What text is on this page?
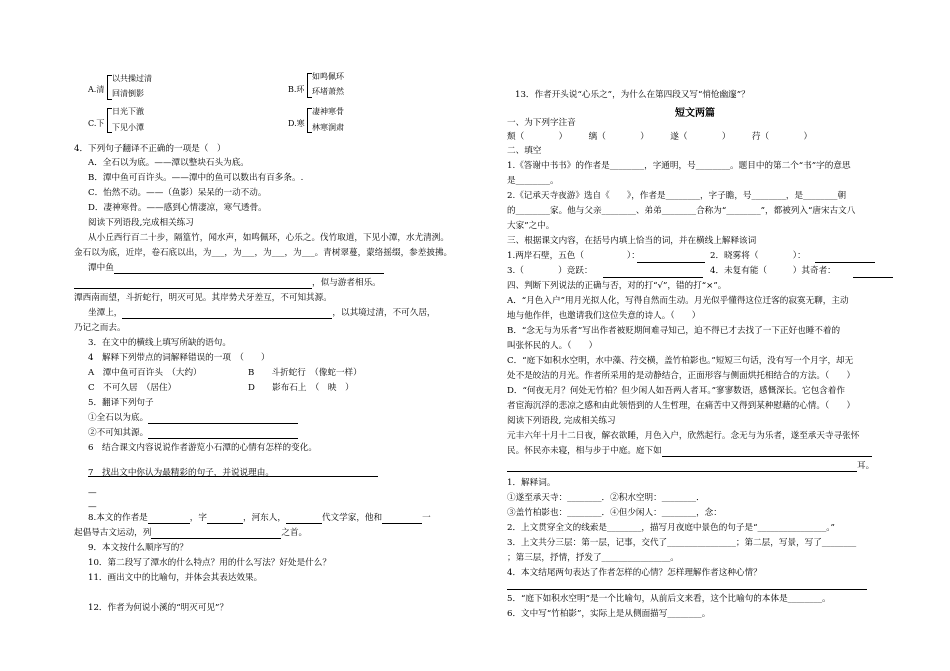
A.清
以共操过清
回清倒影	B.环
如鸣佩环
环堵萧然
C.下
日光下澈
下见小潭	D.寒
凄神寒骨
林寒涧肃
4．下列句子翻译不正确的一项是（　）
A．全石以为底。——潭以整块石头为底。
B．潭中鱼可百许头。——潭中的鱼可以数出有百多条。.
C．怡然不动。——（鱼影）呆呆的一动不动。
D．凄神寒骨。——感到心情凄凉，寒气透骨。
阅读下列语段,完成相关练习
从小丘西行百二十步，隔篁竹，闻水声，如鸣佩环，心乐之。伐竹取道，下见小潭，水尤清洌。
金石以为底，近岸，卷石底以出，为___，为___，为___，为___。青树翠蔓，蒙络摇缀，参差披拂。
潭中鱼
，似与游者相乐。
潭西南而望，斗折蛇行，明灭可见。其岸势犬牙差互，不可知其源。
坐潭上，	，以其境过清，不可久居，
乃记之而去。
3．在文中的横线上填写所缺的语句。
4　解释下列带点的词解释错误的一项　（　　）
A　潭中鱼可百许头　（大约）	B　　斗折蛇行　（像蛇一样）
C　不可久居　（居住）	D　　影布石上　（　映　）
5．翻译下列句子
①全石以为底。
②不可知其源。
6　结合课文内容说说作者游览小石潭的心情有怎样的变化。
7　找出文中你认为最精彩的句子，并说说理由。
—
—
8.本文的作者是	，字	，河东人，	代文学家，他和	一
起倡导古文运动，列	之首。
9．本文按什么顺序写的？
10．第二段写了潭水的什么特点？用的什么写法？好处是什么？
11．画出文中的比喻句，并体会其表达效果。
12．作者为何说小溪的“明灭可见”？
13．作者开头说“心乐之”，为什么在第四段又写“悄怆幽邃”？
短文两篇
一、为下列字注音
颓（　　　　）　　　缡（　　　　）　　　遂（　　　　）　　　荇（　　　　）
二、填空
1.《答谢中书书》的作者是________，字通明，号________。题目中的第二个“书”字的意思
是________。
2.《记承天寺夜游》选自《　　》，作者是________，字子瞻，号________，是________朝
的________家。他与父亲________、弟弟________合称为“________”，都被列入“唐宋古文八
大家”之中。
三、根据课文内容，在括号内填上恰当的词，并在横线上解释该词
1.两岸石壁，五色（　　　　　）：	2．晓雾将（　　　　）：
3.（　　　　）竞跃：	4．未复有能（　　　）其奇者：
四、判断下列说法的正确与否，对的打“√”，错的打“×”。
A．“月色入户”用月光拟人化，写得自然而生动。月光似乎懂得这位迁客的寂寞无聊，主动
地与他作伴，也邀请我们这位失意的诗人。（　　）
B．“念无与为乐者”写出作者被贬期间难寻知己，迫不得已才去找了一下正好也睡不着的
叫张怀民的人。（　　）
C．“庭下如积水空明，水中藻、荇交横，盖竹柏影也。”短短三句话，没有写一个月字，却无
处不是皎洁的月光。作者所采用的是动静结合，正面形容与侧面烘托相结合的方法。（　　）
D．“何夜无月？何处无竹柏？但少闲人如吾两人者耳。”寥寥数语，感慨深长。它包含着作
者宦海沉浮的悲凉之感和由此领悟到的人生哲理，在痛苦中又得到某种慰藉的心情。（　　）
阅读下列语段, 完成相关练习
元丰六年十月十二日夜，解衣欲睡，月色入户，欣然起行。念无与为乐者，遂至承天寺寻张怀
民。怀民亦未寝，相与步于中庭。庭下如
耳。
1．解释词。
①遂至承天寺：________．②积水空明：________．
③盖竹柏影也：________．④但少闲人：________，念：
2．上文贯穿全文的线索是________，描写月夜庭中景色的句子是“________________。”
3．上文共分三层：第一层，记事，交代了________________；第二层，写景，写了________
；第三层，抒情，抒发了________________。
4．本文结尾两句表达了作者怎样的心情？怎样理解作者这种心情？
5．“庭下如积水空明”是一个比喻句，从前后文来看，这个比喻句的本体是________。
6．文中写“竹柏影”，实际上是从侧面描写________。
